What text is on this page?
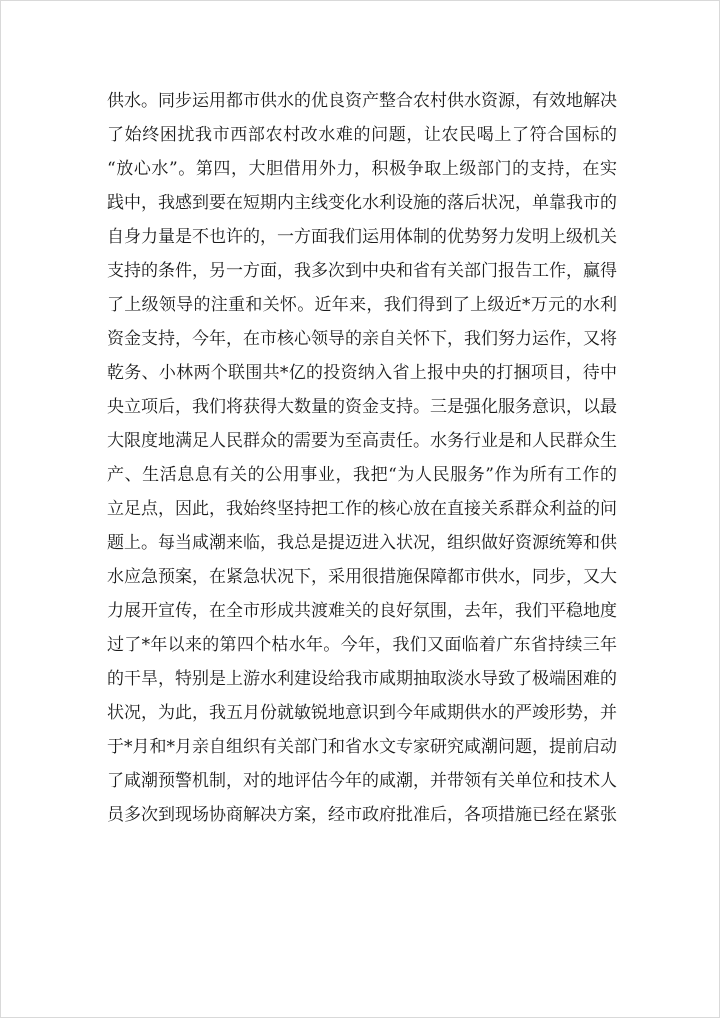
供水。同步运用都市供水的优良资产整合农村供水资源，有效地解决
了始终困扰我市西部农村改水难的问题，让农民喝上了符合国标的
“放心水”。第四，大胆借用外力，积极争取上级部门的支持，在实
践中，我感到要在短期内主线变化水利设施的落后状况，单靠我市的
自身力量是不也许的，一方面我们运用体制的优势努力发明上级机关
支持的条件，另一方面，我多次到中央和省有关部门报告工作，赢得
了上级领导的注重和关怀。近年来，我们得到了上级近*万元的水利
资金支持，今年，在市核心领导的亲自关怀下，我们努力运作，又将
乾务、小林两个联围共*亿的投资纳入省上报中央的打捆项目，待中
央立项后，我们将获得大数量的资金支持。三是强化服务意识，以最
大限度地满足人民群众的需要为至高责任。水务行业是和人民群众生
产、生活息息有关的公用事业，我把“为人民服务”作为所有工作的
立足点，因此，我始终坚持把工作的核心放在直接关系群众利益的问
题上。每当咸潮来临，我总是提迈进入状况，组织做好资源统筹和供
水应急预案，在紧急状况下，采用很措施保障都市供水，同步，又大
力展开宣传，在全市形成共渡难关的良好氛围，去年，我们平稳地度
过了*年以来的第四个枯水年。今年，我们又面临着广东省持续三年
的干旱，特别是上游水利建设给我市咸期抽取淡水导致了极端困难的
状况，为此，我五月份就敏锐地意识到今年咸期供水的严竣形势，并
于*月和*月亲自组织有关部门和省水文专家研究咸潮问题，提前启动
了咸潮预警机制，对的地评估今年的咸潮，并带领有关单位和技术人
员多次到现场协商解决方案，经市政府批准后，各项措施已经在紧张
